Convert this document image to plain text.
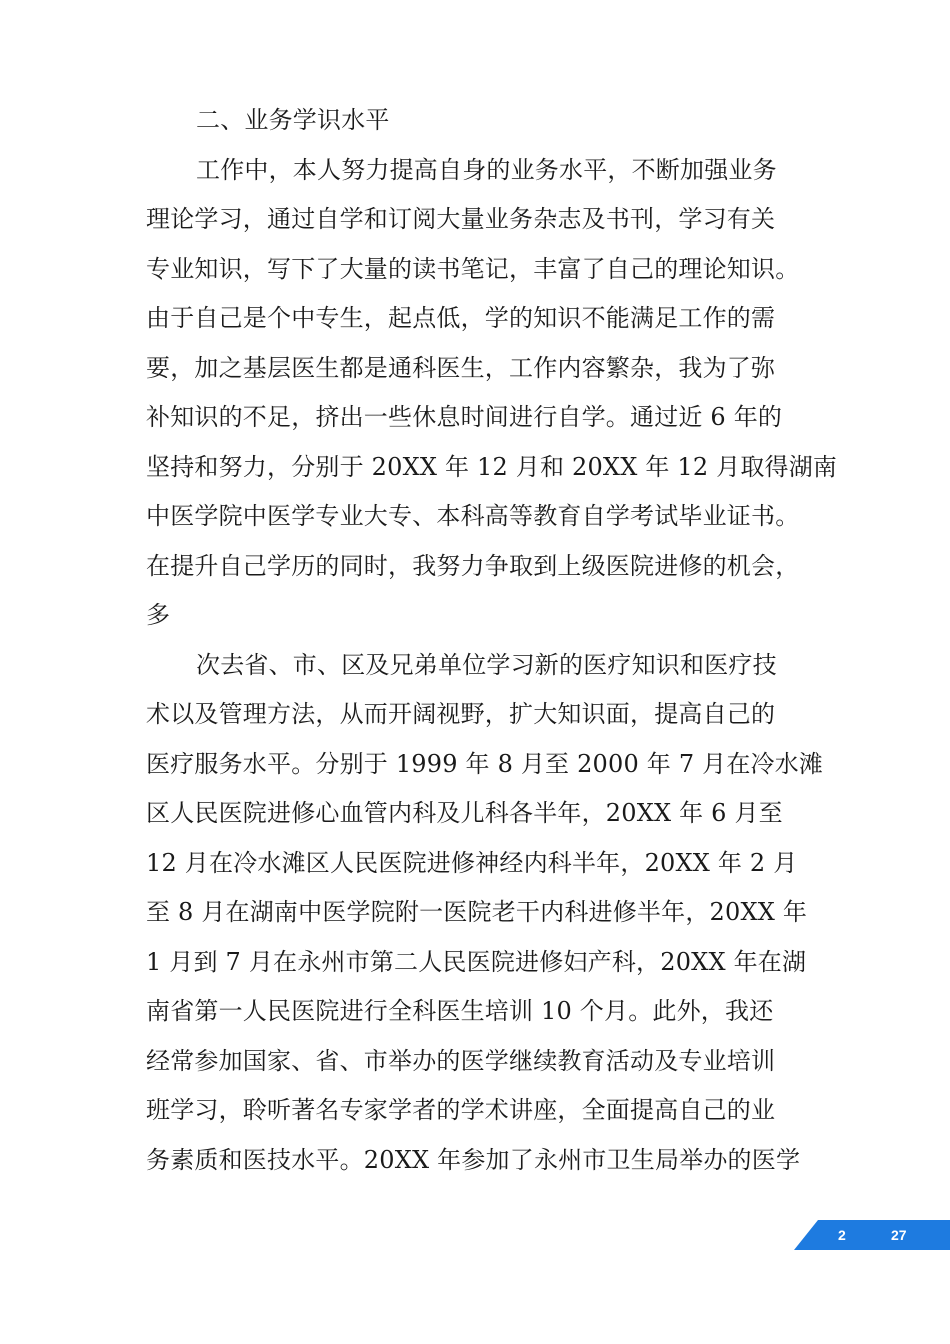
二、业务学识水平
工作中，本人努力提高自身的业务水平，不断加强业务
理论学习，通过自学和订阅大量业务杂志及书刊，学习有关
专业知识，写下了大量的读书笔记，丰富了自己的理论知识。
由于自己是个中专生，起点低，学的知识不能满足工作的需
要，加之基层医生都是通科医生，工作内容繁杂，我为了弥
补知识的不足，挤出一些休息时间进行自学。通过近 6 年的
坚持和努力，分别于 20XX 年 12 月和 20XX 年 12 月取得湖南
中医学院中医学专业大专、本科高等教育自学考试毕业证书。
在提升自己学历的同时，我努力争取到上级医院进修的机会，
多
次去省、市、区及兄弟单位学习新的医疗知识和医疗技
术以及管理方法，从而开阔视野，扩大知识面，提高自己的
医疗服务水平。分别于 1999 年 8 月至 2000 年 7 月在冷水滩
区人民医院进修心血管内科及儿科各半年，20XX 年 6 月至
12 月在冷水滩区人民医院进修神经内科半年，20XX 年 2 月
至 8 月在湖南中医学院附一医院老干内科进修半年，20XX 年
1 月到 7 月在永州市第二人民医院进修妇产科，20XX 年在湖
南省第一人民医院进行全科医生培训 10 个月。此外，我还
经常参加国家、省、市举办的医学继续教育活动及专业培训
班学习，聆听著名专家学者的学术讲座，全面提高自己的业
务素质和医技水平。20XX 年参加了永州市卫生局举办的医学
2	27
